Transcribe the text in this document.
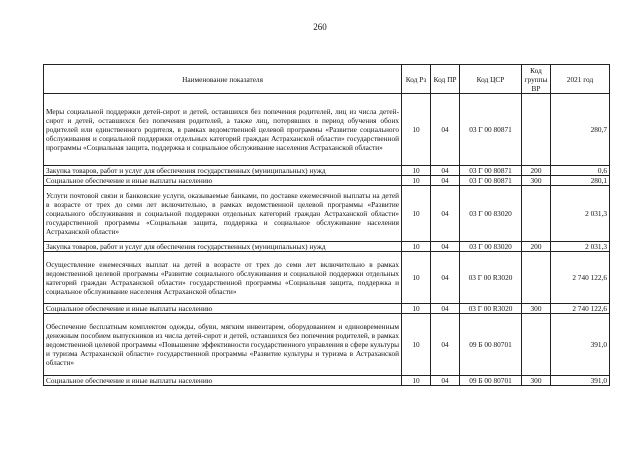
260
Наименование показателя	Код Рз	Код ПР	Код ЦСР	Код группы ВР	2021 год
Меры социальной поддержки детей-сирот и детей, оставшихся без попечения родителей, лиц из числа детей-сирот и детей, оставшихся без попечения родителей, а также лиц, потерявших в период обучения обоих родителей или единственного родителя, в рамках ведомственной целевой программы «Развитие социального обслуживания и социальной поддержки отдельных категорий граждан Астраханской области» государственной программы «Социальная защита, поддержка и социальное обслуживание населения Астраханской области»	10	04	03 Г 00 80871		280,7
Закупка товаров, работ и услуг для обеспечения государственных (муниципальных) нужд	10	04	03 Г 00 80871	200	0,6
Социальное обеспечение и иные выплаты населению	10	04	03 Г 00 80871	300	280,1
Услуги почтовой связи и банковские услуги, оказываемые банками, по доставке ежемесячной выплаты на детей в возрасте от трех до семи лет включительно, в рамках ведомственной целевой программы «Развитие социального обслуживания и социальной поддержки отдельных категорий граждан Астраханской области» государственной программы «Социальная защита, поддержка и социальное обслуживание населения Астраханской области»	10	04	03 Г 00 83020		2 031,3
Закупка товаров, работ и услуг для обеспечения государственных (муниципальных) нужд	10	04	03 Г 00 83020	200	2 031,3
Осуществление ежемесячных выплат на детей в возрасте от трех до семи лет включительно в рамках ведомственной целевой программы «Развитие социального обслуживания и социальной поддержки отдельных категорий граждан Астраханской области» государственной программы «Социальная защита, поддержка и социальное обслуживание населения Астраханской области»	10	04	03 Г 00 R3020		2 740 122,6
Социальное обеспечение и иные выплаты населению	10	04	03 Г 00 R3020	300	2 740 122,6
Обеспечение бесплатным комплектом одежды, обуви, мягким инвентарем, оборудованием и единовременным денежным пособием выпускников из числа детей-сирот и детей, оставшихся без попечения родителей, в рамках ведомственной целевой программы «Повышение эффективности государственного управления в сфере культуры и туризма Астраханской области» государственной программы «Развитие культуры и туризма в Астраханской области»	10	04	09 Б 00 80701		391,0
Социальное обеспечение и иные выплаты населению	10	04	09 Б 00 80701	300	391,0
